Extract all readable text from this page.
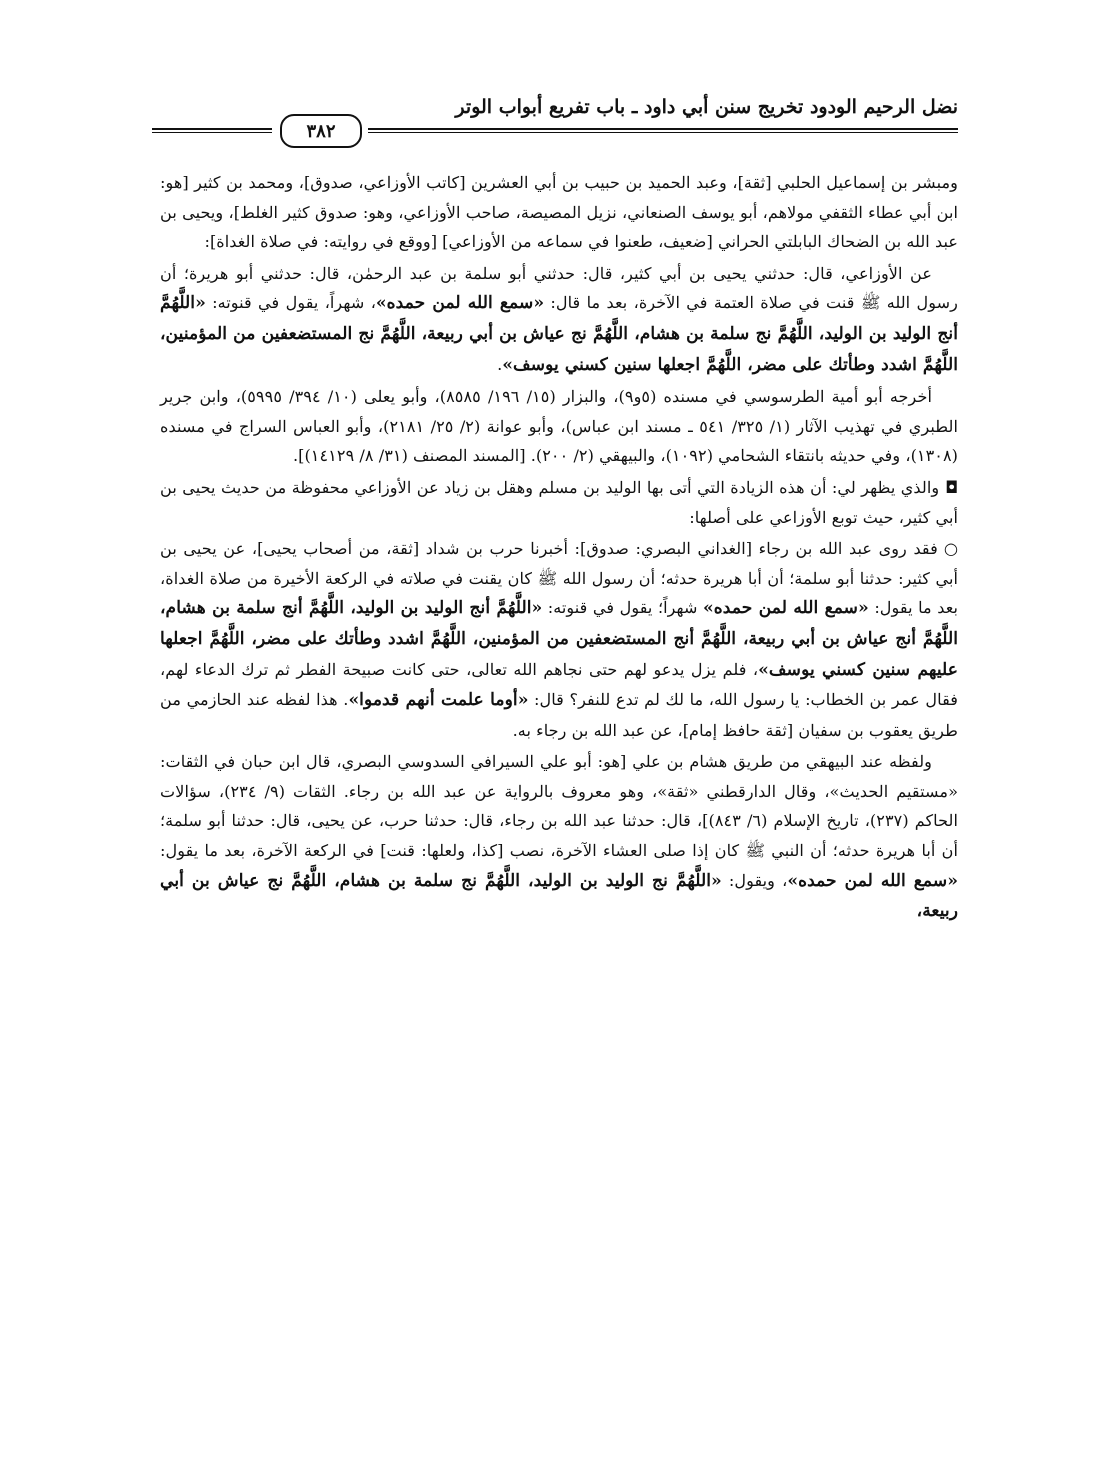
نضل الرحيم الودود تخريج سنن أبي داود ـ باب تفريع أبواب الوتر
٣٨٢

ومبشر بن إسماعيل الحلبي [ثقة]، وعبد الحميد بن حبيب بن أبي العشرين [كاتب الأوزاعي، صدوق]، ومحمد بن كثير [هو: ابن أبي عطاء الثقفي مولاهم، أبو يوسف الصنعاني، نزيل المصيصة، صاحب الأوزاعي، وهو: صدوق كثير الغلط]، ويحيى بن عبد الله بن الضحاك البابلتي الحراني [ضعيف، طعنوا في سماعه من الأوزاعي] [ووقع في روايته: في صلاة الغداة]:

عن الأوزاعي، قال: حدثني يحيى بن أبي كثير، قال: حدثني أبو سلمة بن عبد الرحمٰن، قال: حدثني أبو هريرة؛ أن رسول الله ﷺ قنت في صلاة العتمة في الآخرة، بعد ما قال: «سمع الله لمن حمده»، شهراً، يقول في قنوته: «اللَّهُمَّ أنج الوليد بن الوليد، اللَّهُمَّ نج سلمة بن هشام، اللَّهُمَّ نج عياش بن أبي ربيعة، اللَّهُمَّ نج المستضعفين من المؤمنين، اللَّهُمَّ اشدد وطأتك على مضر، اللَّهُمَّ اجعلها سنين كسني يوسف».

أخرجه أبو أمية الطرسوسي في مسنده (٥و٩)، والبزار (١٥/ ١٩٦/ ٨٥٨٥)، وأبو يعلى (١٠/ ٣٩٤/ ٥٩٩٥)، وابن جرير الطبري في تهذيب الآثار (١/ ٣٢٥/ ٥٤١ ـ مسند ابن عباس)، وأبو عوانة (٢/ ٢٥/ ٢١٨١)، وأبو العباس السراج في مسنده (١٣٠٨)، وفي حديثه بانتقاء الشحامي (١٠٩٢)، والبيهقي (٢/ ٢٠٠). [المسند المصنف (٣١/ ٨/ ١٤١٢٩)].

◘والذي يظهر لي: أن هذه الزيادة التي أتى بها الوليد بن مسلم وهقل بن زياد عن الأوزاعي محفوظة من حديث يحيى بن أبي كثير، حيث توبع الأوزاعي على أصلها:

○فقد روى عبد الله بن رجاء [الغداني البصري: صدوق]: أخبرنا حرب بن شداد [ثقة، من أصحاب يحيى]، عن يحيى بن أبي كثير: حدثنا أبو سلمة؛ أن أبا هريرة حدثه؛ أن رسول الله ﷺ كان يقنت في صلاته في الركعة الأخيرة من صلاة الغداة، بعد ما يقول: «سمع الله لمن حمده» شهراً؛ يقول في قنوته: «اللَّهُمَّ أنج الوليد بن الوليد، اللَّهُمَّ أنج سلمة بن هشام، اللَّهُمَّ أنج عياش بن أبي ربيعة، اللَّهُمَّ أنج المستضعفين من المؤمنين، اللَّهُمَّ اشدد وطأتك على مضر، اللَّهُمَّ اجعلها عليهم سنين كسني يوسف»، فلم يزل يدعو لهم حتى نجاهم الله تعالى، حتى كانت صبيحة الفطر ثم ترك الدعاء لهم، فقال عمر بن الخطاب: يا رسول الله، ما لك لم تدع للنفر؟ قال: «أوما علمت أنهم قدموا». هذا لفظه عند الحازمي من طريق يعقوب بن سفيان [ثقة حافظ إمام]، عن عبد الله بن رجاء به.

ولفظه عند البيهقي من طريق هشام بن علي [هو: أبو علي السيرافي السدوسي البصري، قال ابن حبان في الثقات: «مستقيم الحديث»، وقال الدارقطني «ثقة»، وهو معروف بالرواية عن عبد الله بن رجاء. الثقات (٩/ ٢٣٤)، سؤالات الحاكم (٢٣٧)، تاريخ الإسلام (٦/ ٨٤٣)]، قال: حدثنا عبد الله بن رجاء، قال: حدثنا حرب، عن يحيى، قال: حدثنا أبو سلمة؛ أن أبا هريرة حدثه؛ أن النبي ﷺ كان إذا صلى العشاء الآخرة، نصب [كذا، ولعلها: قنت] في الركعة الآخرة، بعد ما يقول: «سمع الله لمن حمده»، ويقول: «اللَّهُمَّ نج الوليد بن الوليد، اللَّهُمَّ نج سلمة بن هشام، اللَّهُمَّ نج عياش بن أبي ربيعة،
